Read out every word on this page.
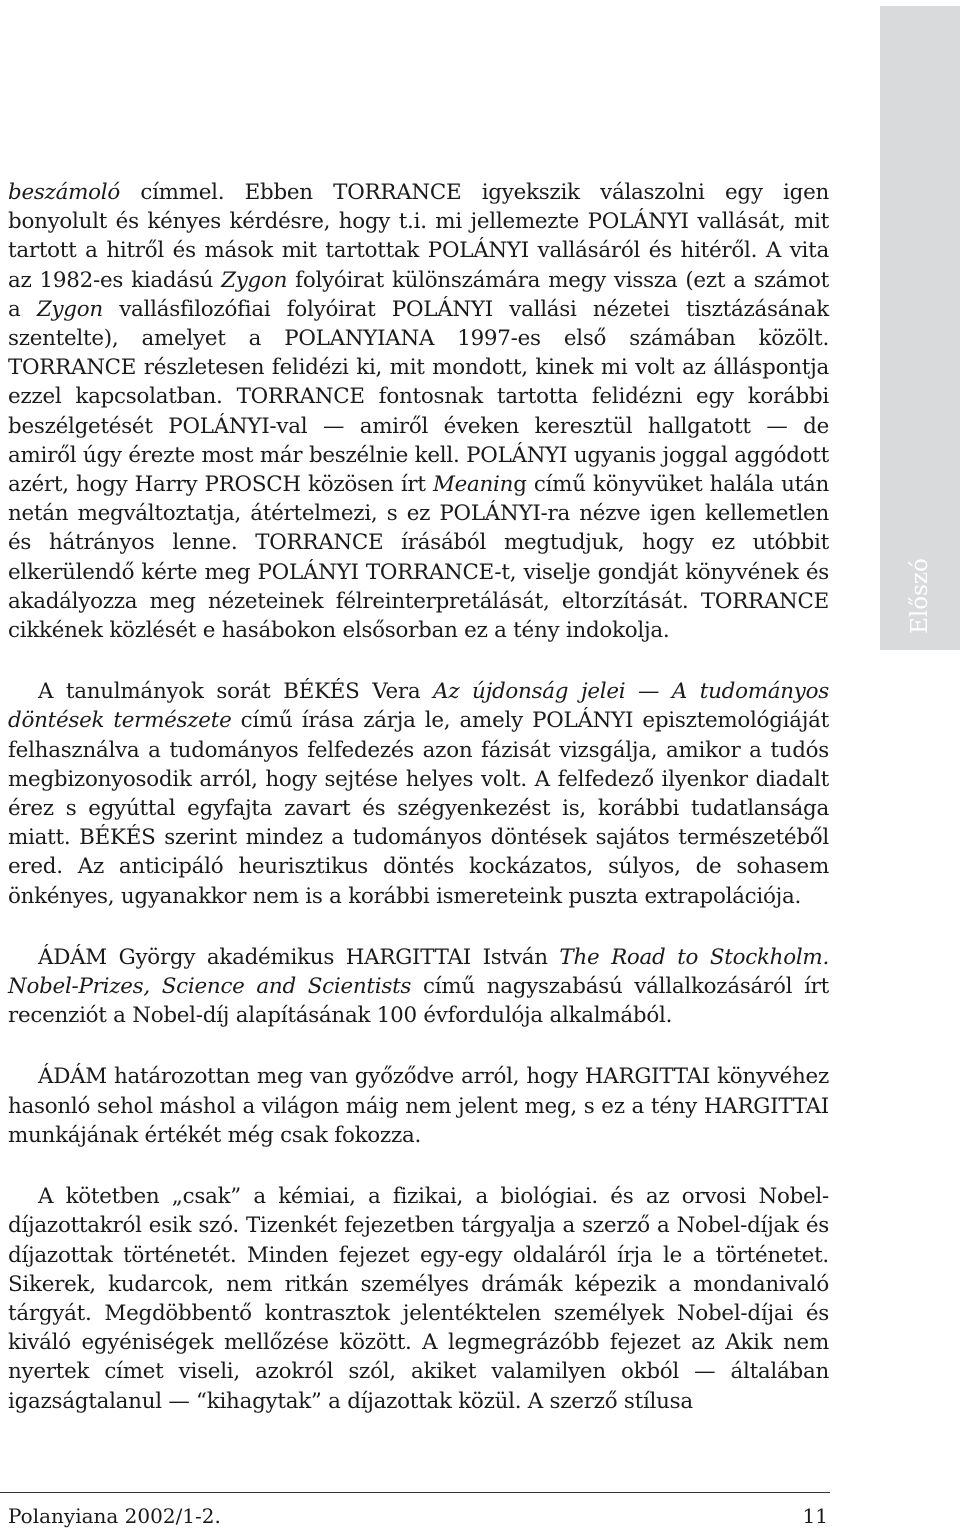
Előszó

beszámoló címmel. Ebben TORRANCE igyekszik válaszolni egy igen bonyolult és kényes kérdésre, hogy t.i. mi jellemezte POLÁNYI vallását, mit tartott a hitről és mások mit tartottak POLÁNYI vallásáról és hitéről. A vita az 1982-es kiadású Zygon folyóirat különszámára megy vissza (ezt a számot a Zygon vallásfilozófiai folyóirat POLÁNYI vallási nézetei tisztázásának szentelte), amelyet a POLANYIANA 1997-es első számában közölt. TORRANCE részletesen felidézi ki, mit mondott, kinek mi volt az álláspontja ezzel kapcsolatban. TORRANCE fontosnak tartotta felidézni egy korábbi beszélgetését POLÁNYI-val — amiről éveken keresztül hallgatott — de amiről úgy érezte most már beszélnie kell. POLÁNYI ugyanis joggal aggódott azért, hogy Harry PROSCH közösen írt Meaning című könyvüket halála után netán megváltoztatja, átértelmezi, s ez POLÁNYI-ra nézve igen kellemetlen és hátrányos lenne. TORRANCE írásából megtudjuk, hogy ez utóbbit elkerülendő kérte meg POLÁNYI TORRANCE-t, viselje gondját könyvének és akadályozza meg nézeteinek félreinterpretálását, eltorzítását. TORRANCE cikkének közlését e hasábokon elsősorban ez a tény indokolja.

A tanulmányok sorát BÉKÉS Vera Az újdonság jelei — A tudományos döntések természete című írása zárja le, amely POLÁNYI episztemológiáját felhasználva a tudományos felfedezés azon fázisát vizsgálja, amikor a tudós megbizonyosodik arról, hogy sejtése helyes volt. A felfedező ilyenkor diadalt érez s egyúttal egyfajta zavart és szégyenkezést is, korábbi tudatlansága miatt. BÉKÉS szerint mindez a tudományos döntések sajátos természetéből ered. Az anticipáló heurisztikus döntés kockázatos, súlyos, de sohasem önkényes, ugyanakkor nem is a korábbi ismereteink puszta extrapolációja.

ÁDÁM György akadémikus HARGITTAI István The Road to Stockholm. Nobel-Prizes, Science and Scientists című nagyszabású vállalkozásáról írt recenziót a Nobel-díj alapításának 100 évfordulója alkalmából.

ÁDÁM határozottan meg van győződve arról, hogy HARGITTAI könyvéhez hasonló sehol máshol a világon máig nem jelent meg, s ez a tény HARGITTAI munkájának értékét még csak fokozza.

A kötetben „csak” a kémiai, a fizikai, a biológiai. és az orvosi Nobel-díjazottakról esik szó. Tizenkét fejezetben tárgyalja a szerző a Nobel-díjak és díjazottak történetét. Minden fejezet egy-egy oldaláról írja le a történetet. Sikerek, kudarcok, nem ritkán személyes drámák képezik a mondanivaló tárgyát. Megdöbbentő kontrasztok jelentéktelen személyek Nobel-díjai és kiváló egyéniségek mellőzése között. A legmegrázóbb fejezet az Akik nem nyertek címet viseli, azokról szól, akiket valamilyen okból — általában igazságtalanul — “kihagytak” a díjazottak közül. A szerző stílusa

Polanyiana 2002/1-2.	11
